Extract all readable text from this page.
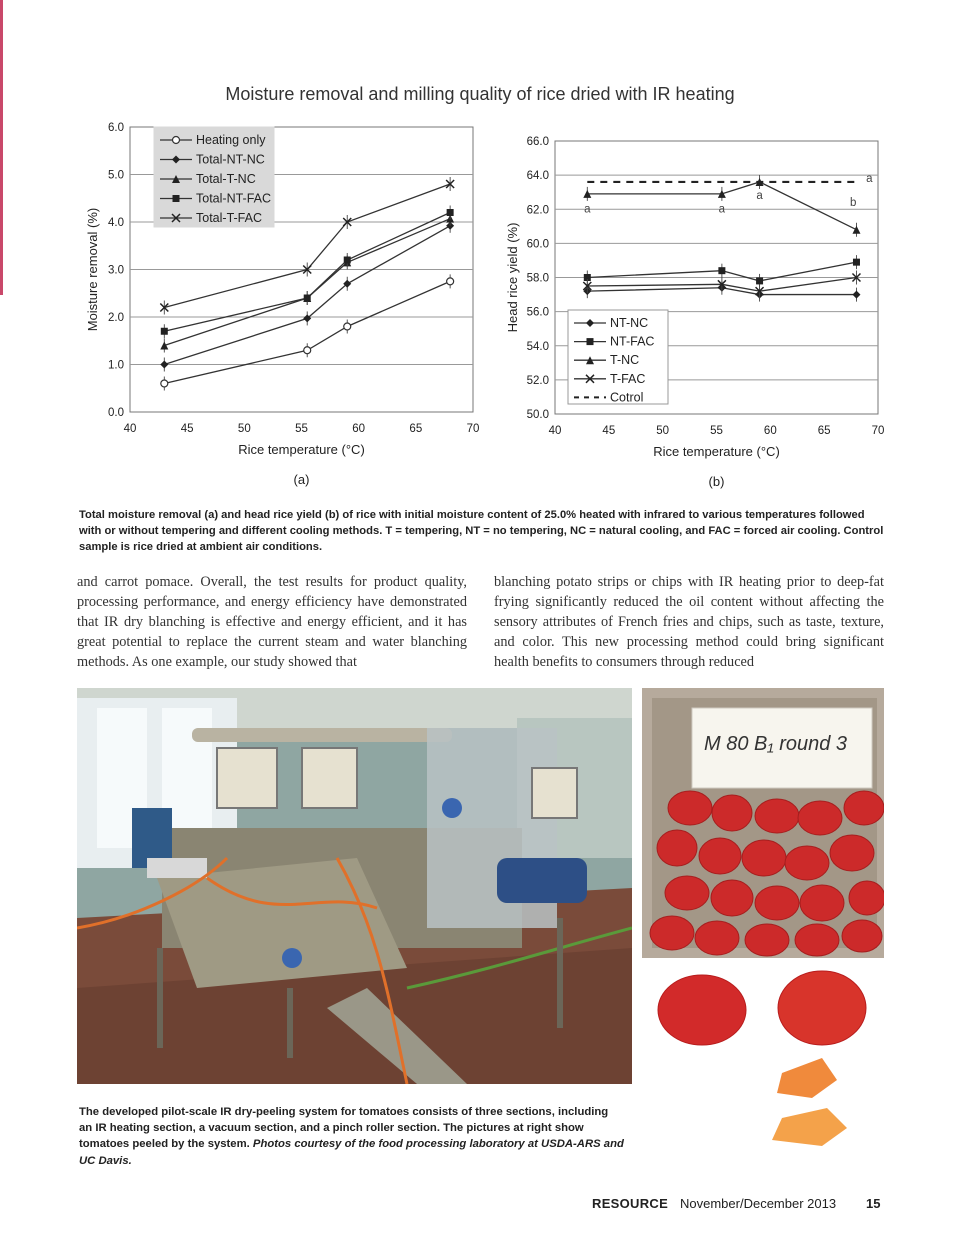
Moisture removal and milling quality of rice dried with IR heating
0.0
1.0
2.0
3.0
4.0
5.0
6.0
40	45	50	55	60	65	70
Rice temperature (°C)
Moisture removal (%)
(a)
Heating only
Total-NT-NC
Total-T-NC
Total-NT-FAC
Total-T-FAC
50.0
52.0
54.0
56.0
58.0
60.0
62.0
64.0
66.0
40	45	50	55	60	65	70
Rice temperature (°C)
Head rice yield (%)
(b)
a	a
a
b
a
NT-NC
NT-FAC
T-NC
T-FAC
Cotrol
Total moisture removal (a) and head rice yield (b) of rice with initial moisture content of 25.0% heated with infrared to various temperatures followed with or without tempering and different cooling methods. T = tempering, NT = no tempering, NC = natural cooling, and FAC = forced air cooling. Control sample is rice dried at ambient air conditions.
and carrot pomace. Overall, the test results for product quality, processing performance, and energy efficiency have demonstrated that IR dry blanching is effective and energy efficient, and it has great potential to replace the current steam and water blanching methods. As one example, our study showed that
blanching potato strips or chips with IR heating prior to deep-fat frying significantly reduced the oil content without affecting the sensory attributes of French fries and chips, such as taste, texture, and color. This new processing method could bring significant health benefits to consumers through reduced
M 80 B₁ round 3
The developed pilot-scale IR dry-peeling system for tomatoes consists of three sections, including an IR heating section, a vacuum section, and a pinch roller section. The pictures at right show tomatoes peeled by the system. Photos courtesy of the food processing laboratory at USDA-ARS and UC Davis.
RESOURCE November/December 2013 15
